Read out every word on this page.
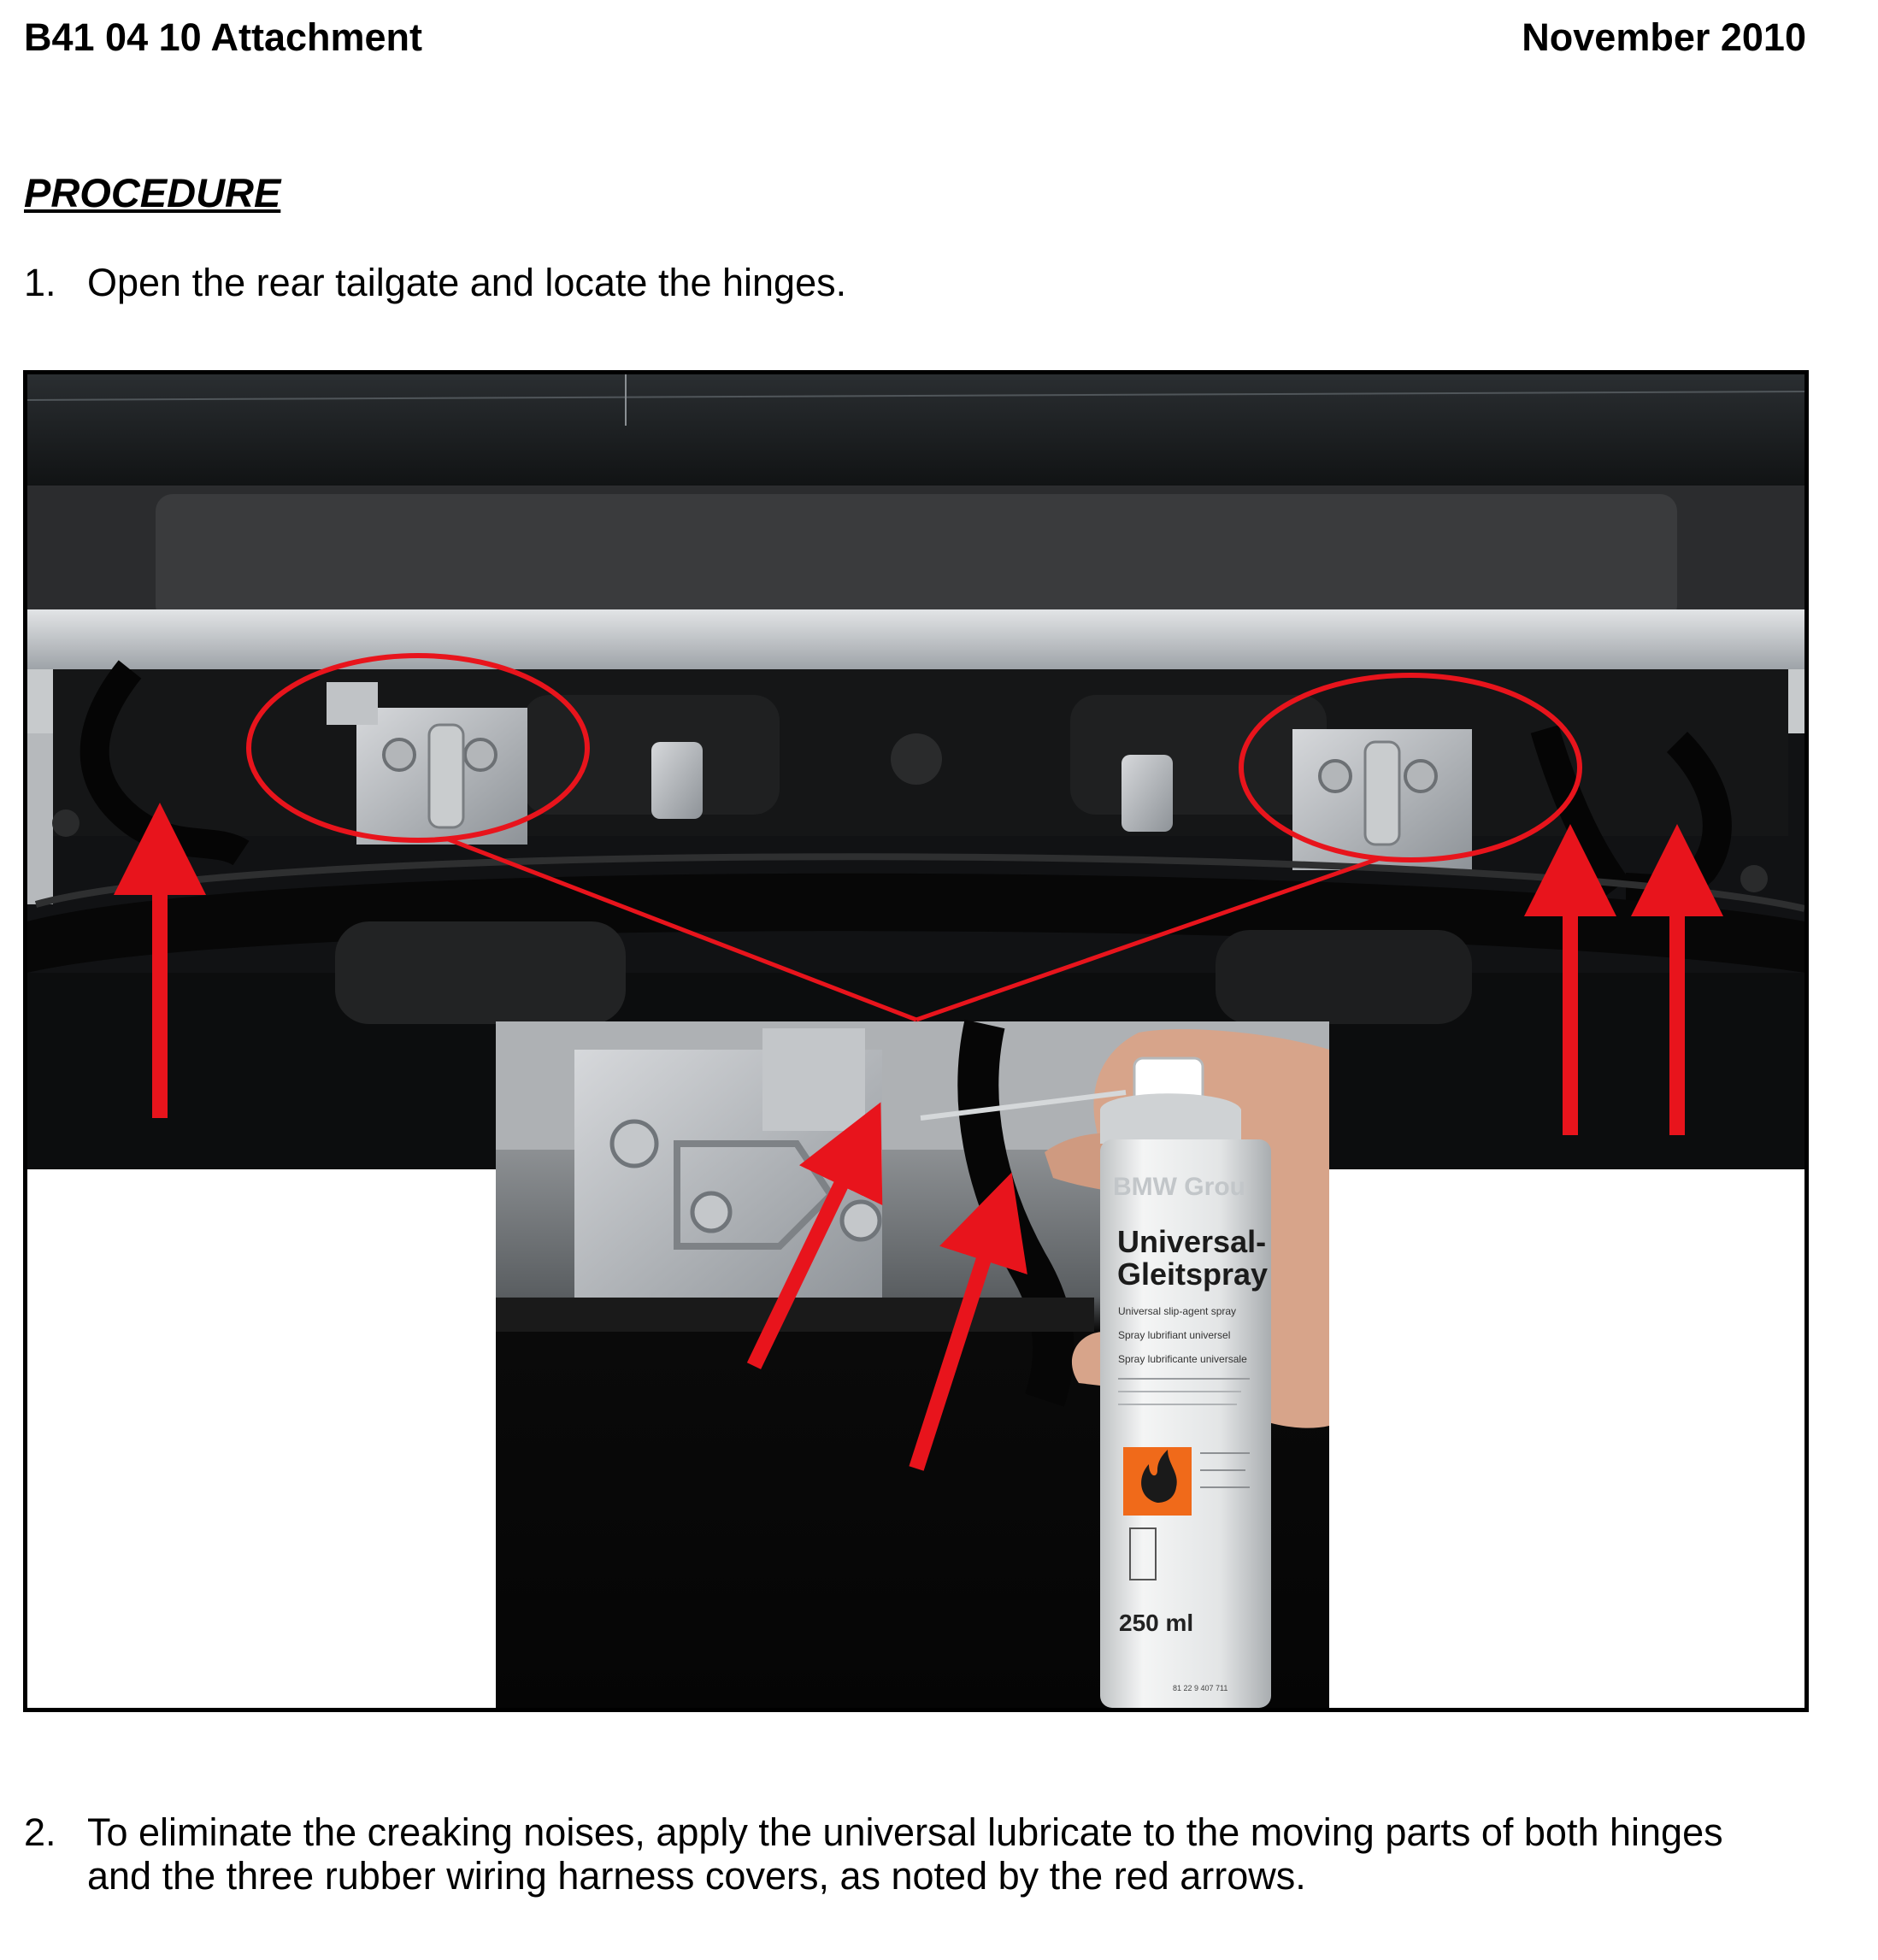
B41 04 10 Attachment	November 2010
PROCEDURE
1. Open the rear tailgate and locate the hinges.
BMW Grou
Universal-
Gleitspray
Universal slip-agent spray
Spray lubrifiant universel
Spray lubrificante universale
250 ml
81 22 9 407 711
2. To eliminate the creaking noises, apply the universal lubricate to the moving parts of both hinges
and the three rubber wiring harness covers, as noted by the red arrows.
